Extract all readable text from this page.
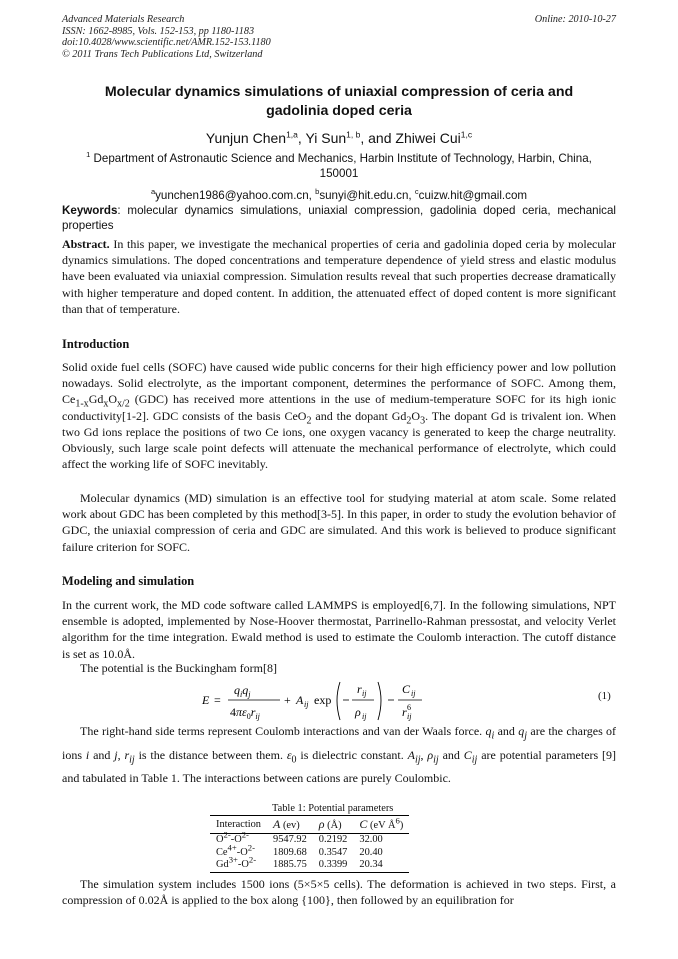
Advanced Materials Research
ISSN: 1662-8985, Vols. 152-153, pp 1180-1183
doi:10.4028/www.scientific.net/AMR.152-153.1180
© 2011 Trans Tech Publications Ltd, Switzerland
Online: 2010-10-27
Molecular dynamics simulations of uniaxial compression of ceria and
gadolinia doped ceria
Yunjun Chen$^{1,a}$, Yi Sun$^{1, b}$, and Zhiwei Cui$^{1,c}$
$^1$ Department of Astronautic Science and Mechanics, Harbin Institute of Technology, Harbin, China,
150001
$^a$yunchen1986@yahoo.com.cn, $^b$sunyi@hit.edu.cn, $^c$cuizw.hit@gmail.com
Keywords: molecular dynamics simulations, uniaxial compression, gadolinia doped ceria, mechanical properties
Abstract. In this paper, we investigate the mechanical properties of ceria and gadolinia doped ceria by molecular dynamics simulations. The doped concentrations and temperature dependence of yield stress and elastic modulus have been evaluated via uniaxial compression. Simulation results reveal that such properties decrease dramatically with higher temperature and doped content. In addition, the attenuated effect of doped content is more significant than that of temperature.
Introduction
Solid oxide fuel cells (SOFC) have caused wide public concerns for their high efficiency power and low pollution nowadays. Solid electrolyte, as the important component, determines the performance of SOFC. Among them, $Ce_{1-x}Gd_xO_{x/2}$ (GDC) has received more attentions in the use of medium-temperature SOFC for its high ionic conductivity[1-2]. GDC consists of the basis CeO$_2$ and the dopant $Gd_2O_3$. The dopant Gd is trivalent ion. When two Gd ions replace the positions of two Ce ions, one oxygen vacancy is generated to keep the charge neutrality. Obviously, such large scale point defects will attenuate the mechanical performance of electrolyte, which could affect the working life of SOFC inevitably.
Molecular dynamics (MD) simulation is an effective tool for studying material at atom scale. Some related work about GDC has been completed by this method[3-5]. In this paper, in order to study the evolution behavior of GDC, the uniaxial compression of ceria and GDC are simulated. And this work is believed to produce significant failure criterion for SOFC.
Modeling and simulation
In the current work, the MD code software called LAMMPS is employed[6,7]. In the following simulations, NPT ensemble is adopted, implemented by Nose-Hoover thermostat, Parrinello-Rahman pressostat, and velocity Verlet algorithm for the time integration. Ewald method is used to estimate the Coulomb interaction. The cutoff distance is set as 10.0Å.
The potential is the Buckingham form[8]
E =
$q_iq_j$
$4\pi\varepsilon_0r_{ij}$
+ A ij exp
r ij
ρ ij
C ij
r 6
ij
(1)
The right-hand side terms represent Coulomb interactions and van der Waals force. $q_i$ and $q_j$ are the charges of ions i and j, $r_{ij}$ is the distance between them. $\varepsilon_0$ is dielectric constant. $A_{ij}$, $\rho_{ij}$ and $C_{ij}$ are potential parameters [9] and tabulated in Table 1. The interactions between cations are purely Coulombic.
Table 1: Potential parameters
Interaction	A (ev)	ρ (Å)	C (eV $Å^6$)
$O^{2-}-O^{2-}$	9547.92	0.2192	32.00
$Ce^{4+}-O^{2-}$	1809.68	0.3547	20.40
$Gd^{3+}-O^{2-}$	1885.75	0.3399	20.34
The simulation system includes 1500 ions (5×5×5 cells). The deformation is achieved in two steps. First, a compression of 0.02Å is applied to the box along {100}, then followed by an equilibration for
